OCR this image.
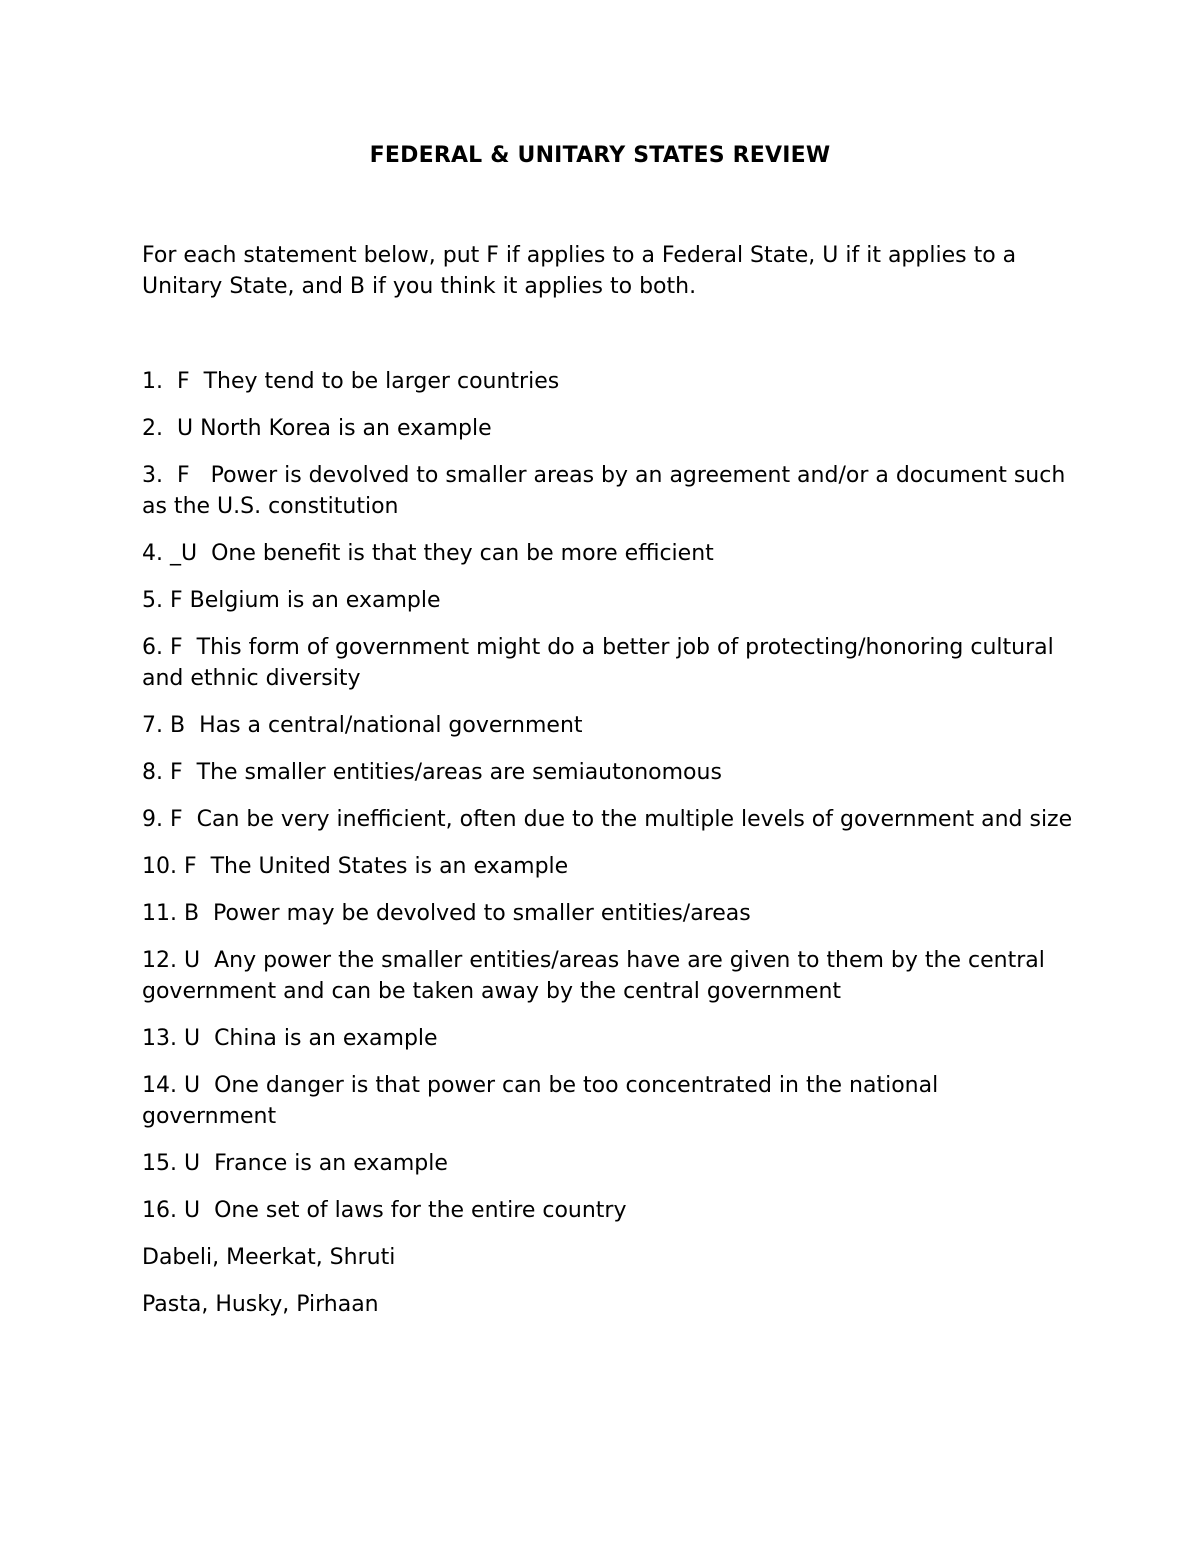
FEDERAL & UNITARY STATES REVIEW

For each statement below, put F if applies to a Federal State, U if it applies to a Unitary State, and B if you think it applies to both.

1.  F  They tend to be larger countries

2.  U North Korea is an example

3.  F   Power is devolved to smaller areas by an agreement and/or a document such as the U.S. constitution

4. _U  One benefit is that they can be more efficient

5. F Belgium is an example

6. F  This form of government might do a better job of protecting/honoring cultural and ethnic diversity

7. B  Has a central/national government

8. F  The smaller entities/areas are semiautonomous

9. F  Can be very inefficient, often due to the multiple levels of government and size

10. F  The United States is an example

11. B  Power may be devolved to smaller entities/areas

12. U  Any power the smaller entities/areas have are given to them by the central government and can be taken away by the central government

13. U  China is an example

14. U  One danger is that power can be too concentrated in the national government

15. U  France is an example

16. U  One set of laws for the entire country

Dabeli, Meerkat, Shruti

Pasta, Husky, Pirhaan
